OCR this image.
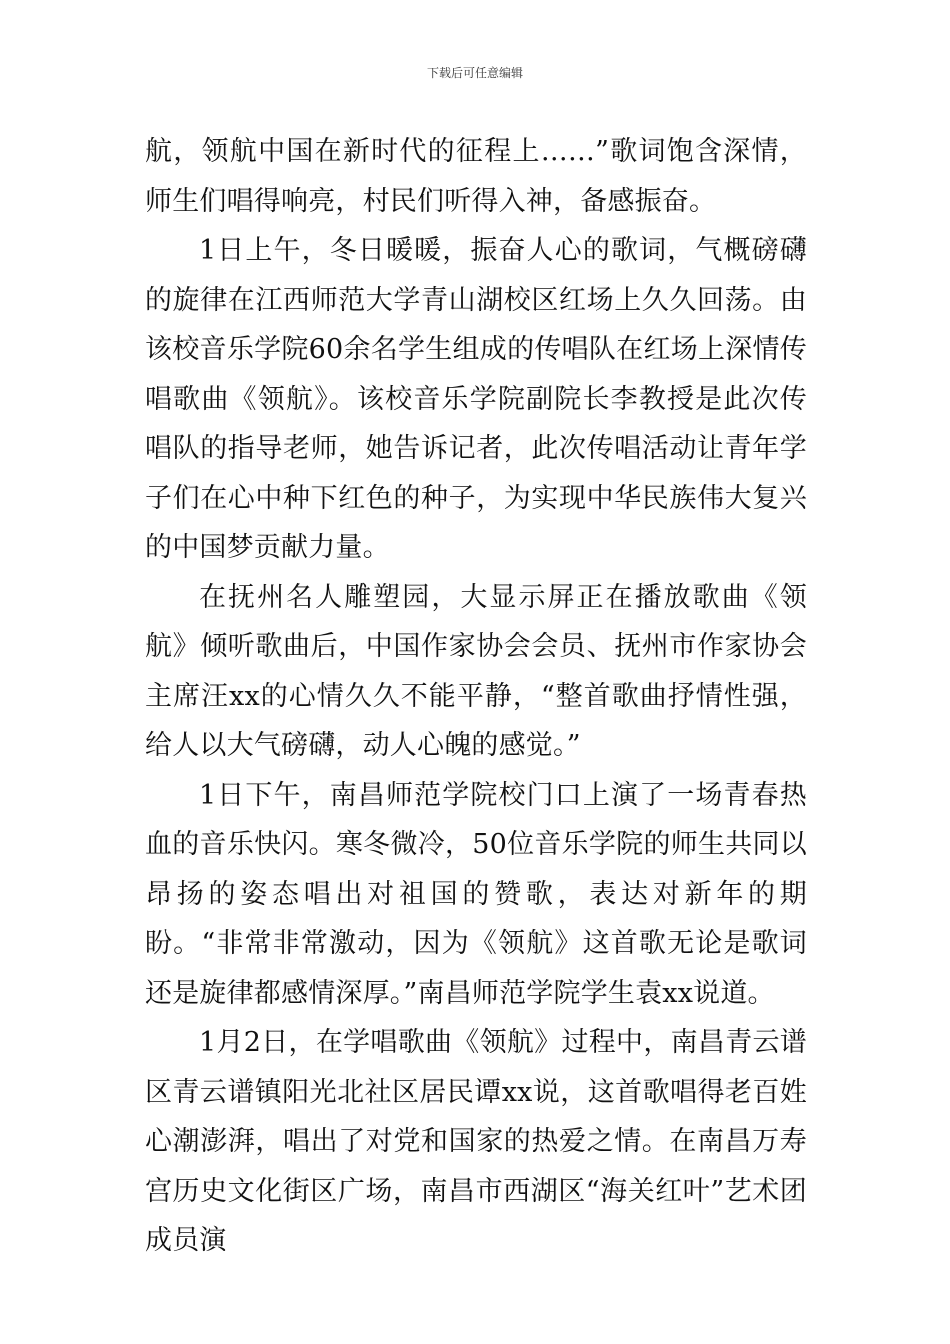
下载后可任意编辑

航，领航中国在新时代的征程上……”歌词饱含深情，师生们唱得响亮，村民们听得入神，备感振奋。

1日上午，冬日暖暖，振奋人心的歌词，气概磅礴的旋律在江西师范大学青山湖校区红场上久久回荡。由该校音乐学院60余名学生组成的传唱队在红场上深情传唱歌曲《领航》。该校音乐学院副院长李教授是此次传唱队的指导老师，她告诉记者，此次传唱活动让青年学子们在心中种下红色的种子，为实现中华民族伟大复兴的中国梦贡献力量。

在抚州名人雕塑园，大显示屏正在播放歌曲《领航》倾听歌曲后，中国作家协会会员、抚州市作家协会主席汪xx的心情久久不能平静，“整首歌曲抒情性强，给人以大气磅礴，动人心魄的感觉。”

1日下午，南昌师范学院校门口上演了一场青春热血的音乐快闪。寒冬微冷，50位音乐学院的师生共同以昂扬的姿态唱出对祖国的赞歌，表达对新年的期盼。“非常非常激动，因为《领航》这首歌无论是歌词还是旋律都感情深厚。”南昌师范学院学生袁xx说道。

1月2日，在学唱歌曲《领航》过程中，南昌青云谱区青云谱镇阳光北社区居民谭xx说，这首歌唱得老百姓心潮澎湃，唱出了对党和国家的热爱之情。在南昌万寿宫历史文化街区广场，南昌市西湖区“海关红叶”艺术团成员演
